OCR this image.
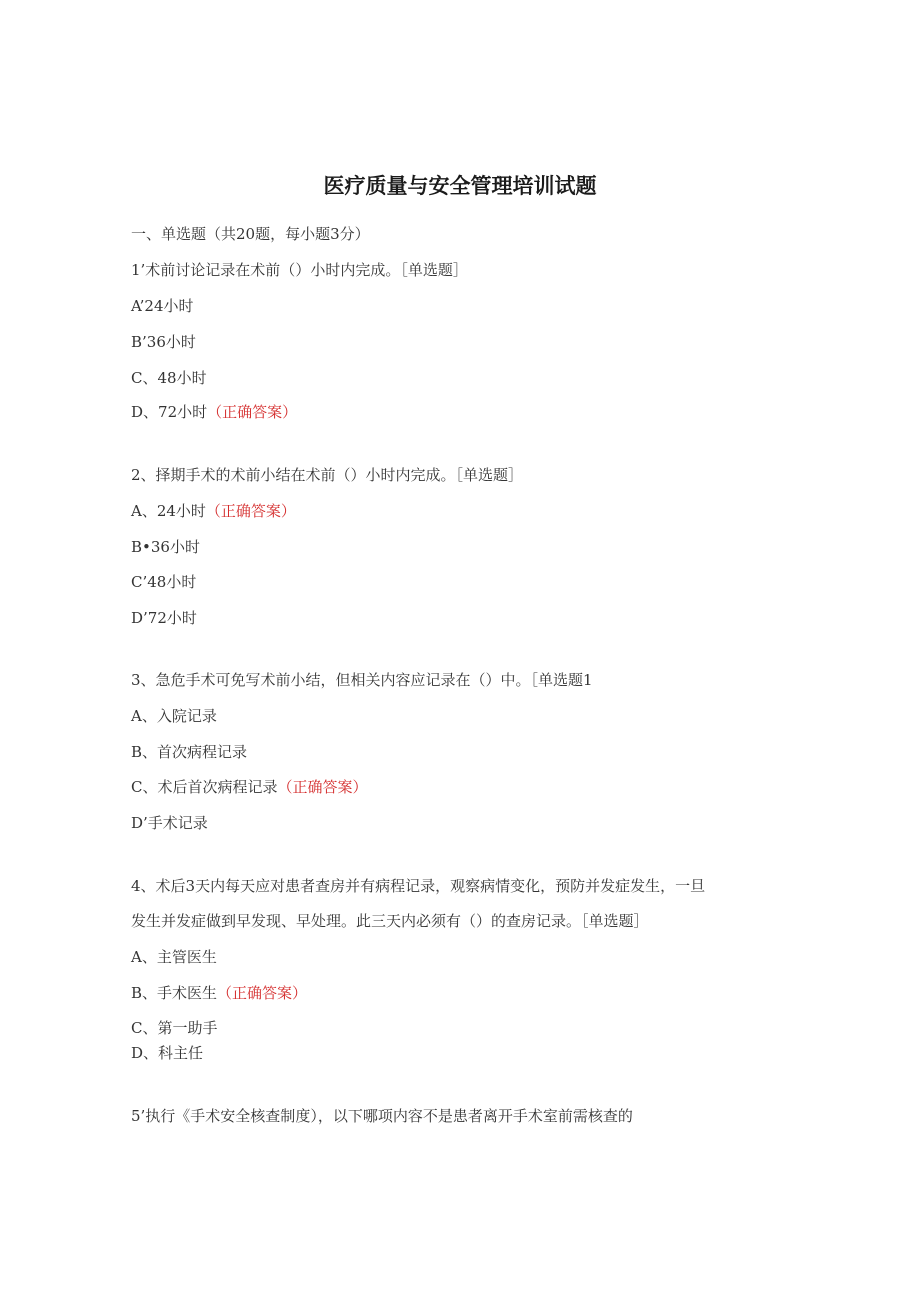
医疗质量与安全管理培训试题
一、单选题（共20题，每小题3分）
1’术前讨论记录在术前（）小时内完成。［单选题］
A’24小时
B’36小时
C、48小时
D、72小时（正确答案）
2、择期手术的术前小结在术前（）小时内完成。［单选题］
A、24小时（正确答案）
B•36小时
C’48小时
D’72小时
3、急危手术可免写术前小结，但相关内容应记录在（）中。［单选题1
A、入院记录
B、首次病程记录
C、术后首次病程记录（正确答案）
D’手术记录
4、术后3天内每天应对患者查房并有病程记录，观察病情变化，预防并发症发生，一旦
发生并发症做到早发现、早处理。此三天内必须有（）的查房记录。［单选题］
A、主管医生
B、手术医生（正确答案）
C、第一助手
D、科主任
5’执行《手术安全核查制度），以下哪项内容不是患者离开手术室前需核查的
